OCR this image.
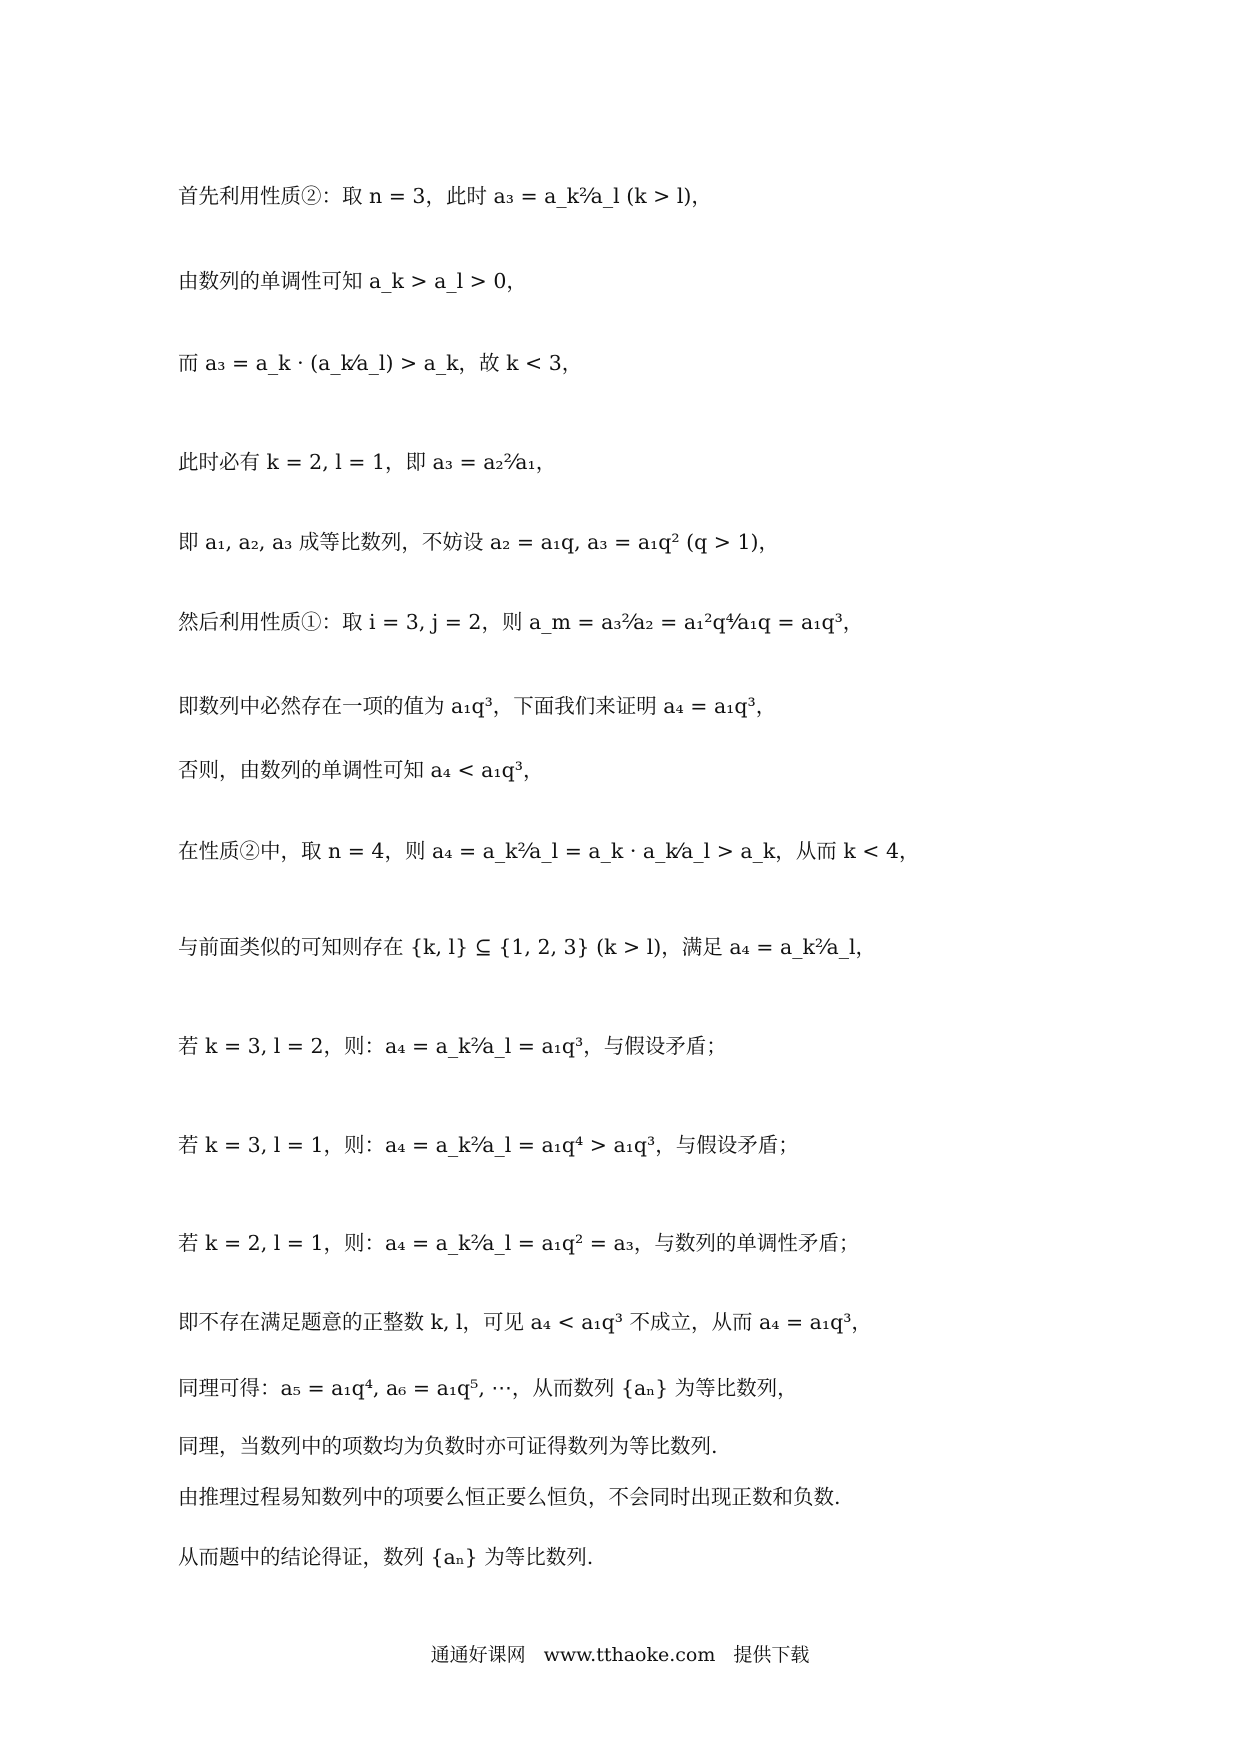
首先利用性质②：取 n = 3，此时 a₃ = a_k²⁄a_l (k > l)，
由数列的单调性可知 a_k > a_l > 0，
而 a₃ = a_k · (a_k⁄a_l) > a_k，故 k < 3，
此时必有 k = 2, l = 1，即 a₃ = a₂²⁄a₁，
即 a₁, a₂, a₃ 成等比数列，不妨设 a₂ = a₁q, a₃ = a₁q² (q > 1)，
然后利用性质①：取 i = 3, j = 2，则 a_m = a₃²⁄a₂ = a₁²q⁴⁄a₁q = a₁q³，
即数列中必然存在一项的值为 a₁q³，下面我们来证明 a₄ = a₁q³，
否则，由数列的单调性可知 a₄ < a₁q³，
在性质②中，取 n = 4，则 a₄ = a_k²⁄a_l = a_k · a_k⁄a_l > a_k，从而 k < 4，
与前面类似的可知则存在 {k, l} ⊆ {1, 2, 3} (k > l)，满足 a₄ = a_k²⁄a_l，
若 k = 3, l = 2，则：a₄ = a_k²⁄a_l = a₁q³，与假设矛盾；
若 k = 3, l = 1，则：a₄ = a_k²⁄a_l = a₁q⁴ > a₁q³，与假设矛盾；
若 k = 2, l = 1，则：a₄ = a_k²⁄a_l = a₁q² = a₃，与数列的单调性矛盾；
即不存在满足题意的正整数 k, l，可见 a₄ < a₁q³ 不成立，从而 a₄ = a₁q³，
同理可得：a₅ = a₁q⁴, a₆ = a₁q⁵, ⋯，从而数列 {aₙ} 为等比数列，
同理，当数列中的项数均为负数时亦可证得数列为等比数列.
由推理过程易知数列中的项要么恒正要么恒负，不会同时出现正数和负数.
从而题中的结论得证，数列 {aₙ} 为等比数列.
通通好课网 www.tthaoke.com 提供下载
